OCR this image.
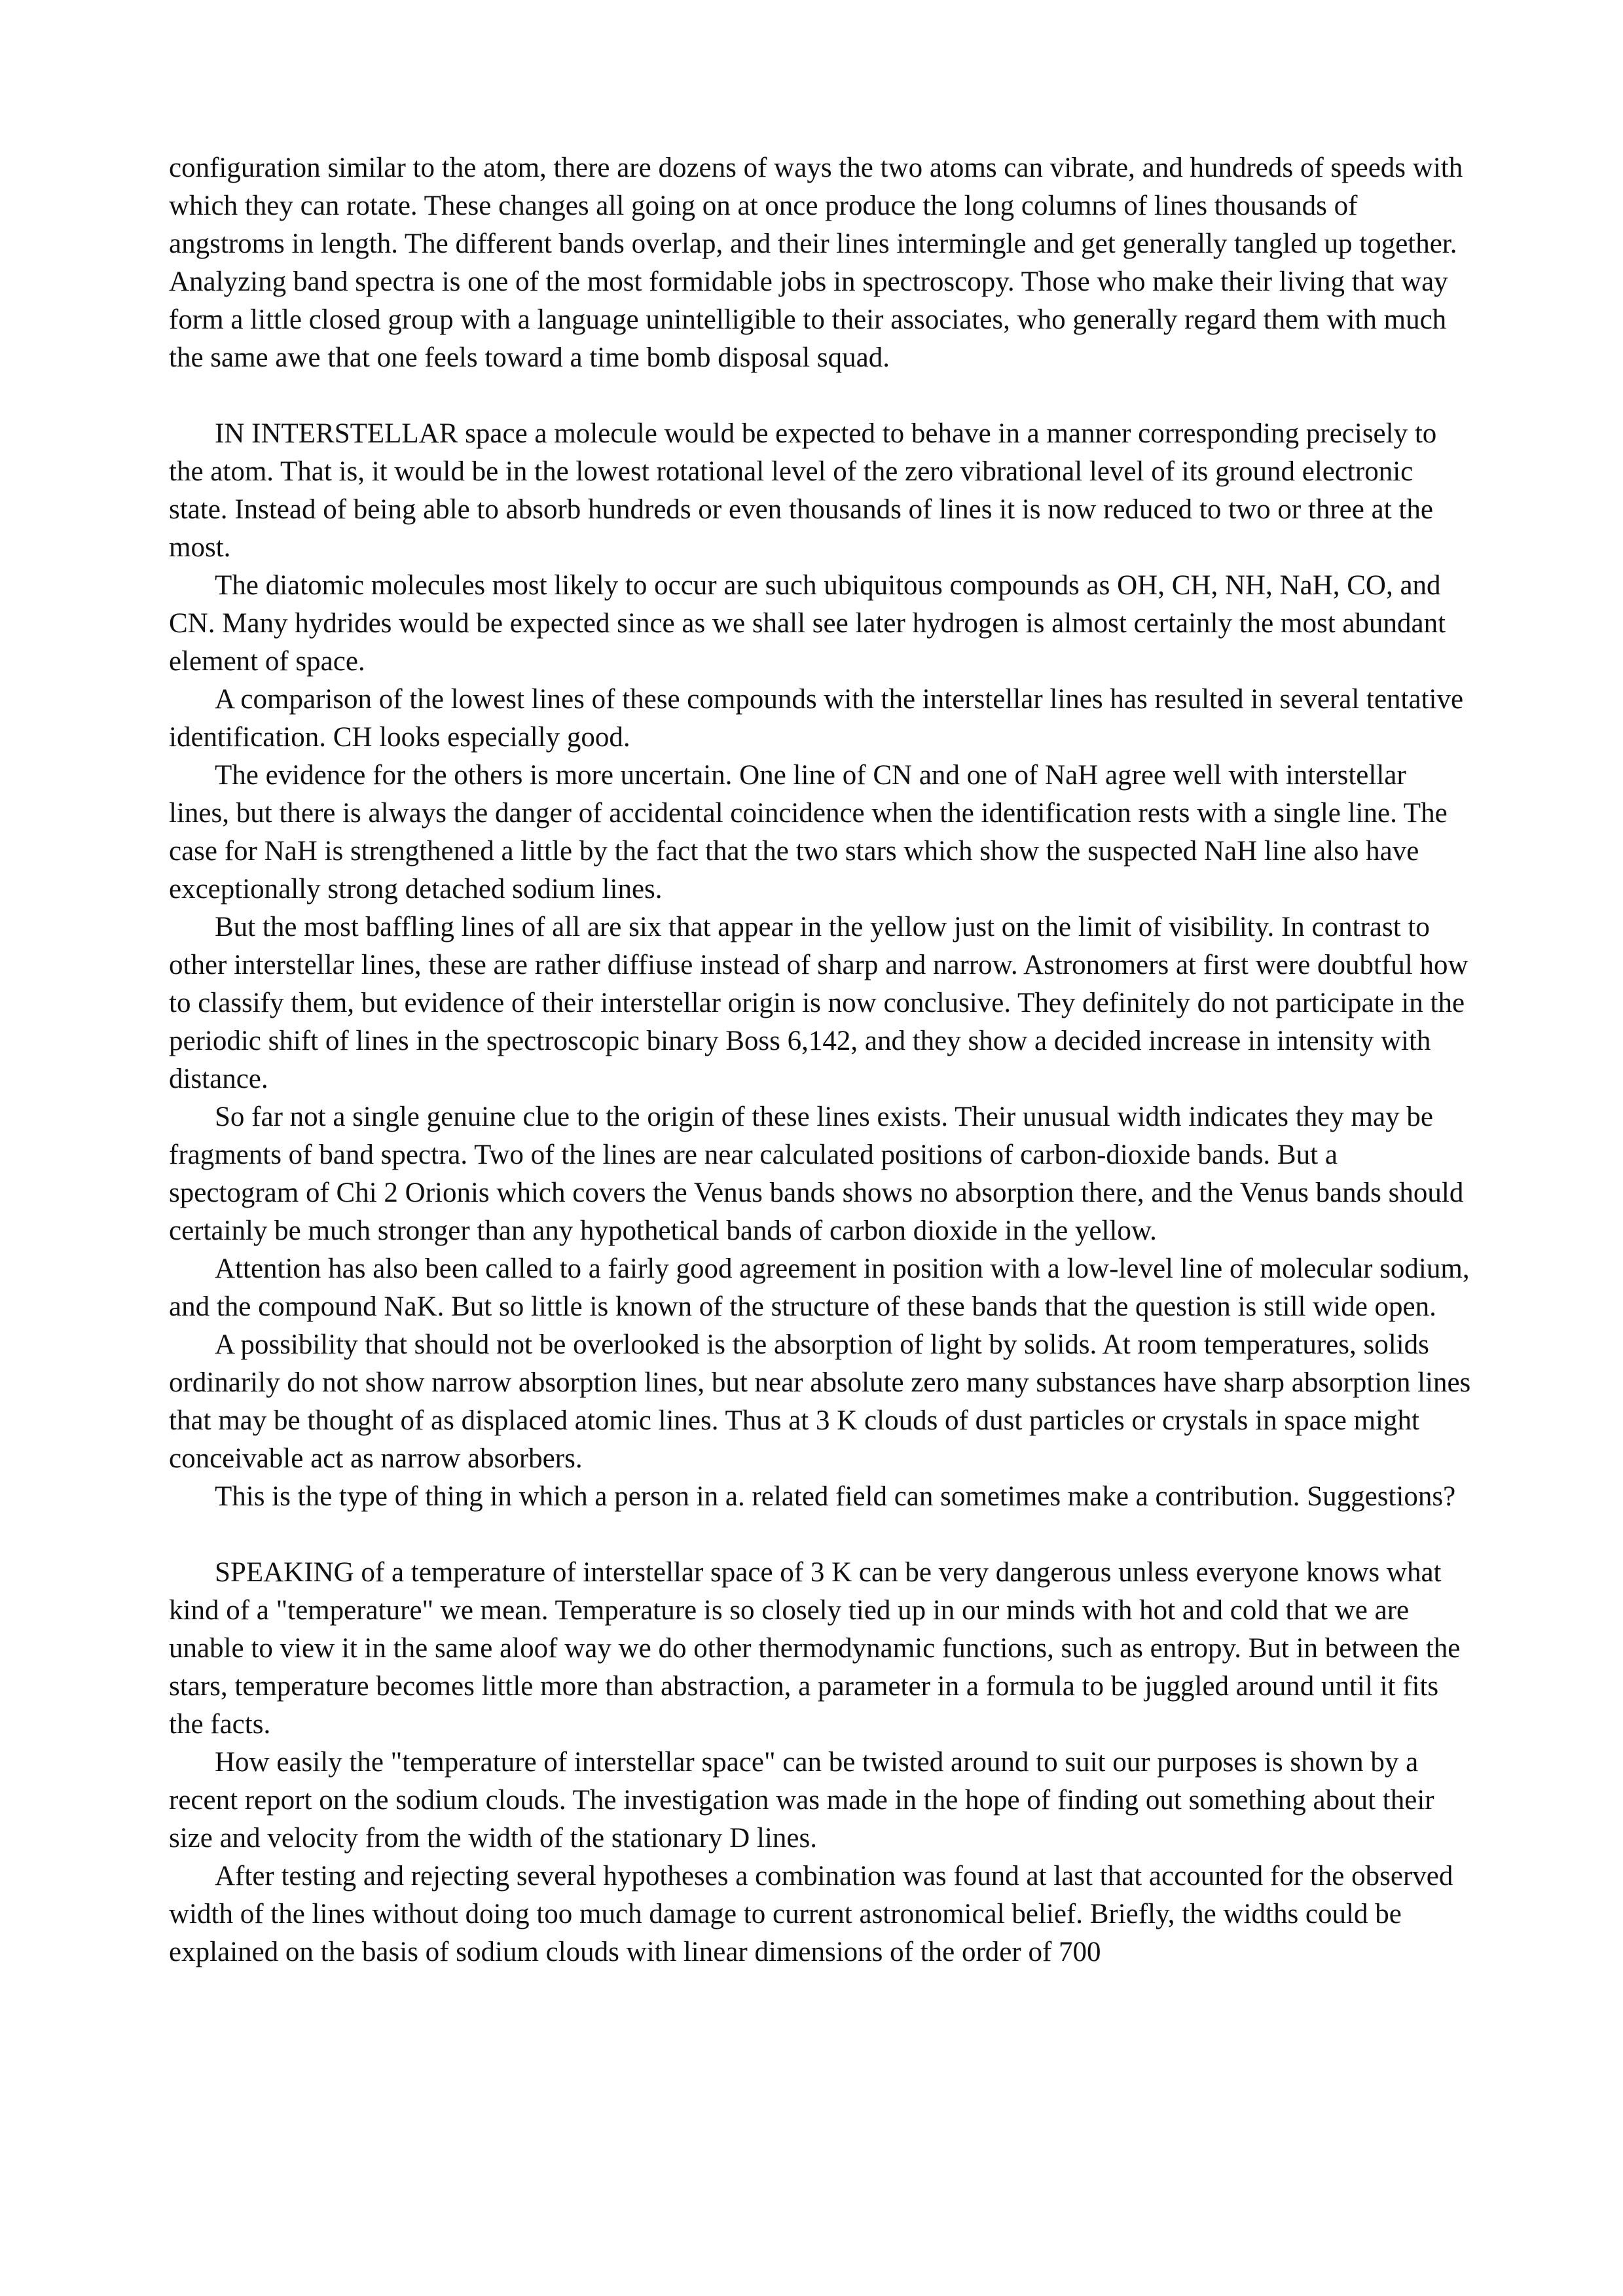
configuration similar to the atom, there are dozens of ways the two atoms can vibrate, and hundreds of speeds with which they can rotate. These changes all going on at once produce the long columns of lines thousands of angstroms in length. The different bands overlap, and their lines intermingle and get generally tangled up together. Analyzing band spectra is one of the most formidable jobs in spectroscopy. Those who make their living that way form a little closed group with a language unintelligible to their associates, who generally regard them with much the same awe that one feels toward a time bomb disposal squad.

IN INTERSTELLAR space a molecule would be expected to behave in a manner corresponding precisely to the atom. That is, it would be in the lowest rotational level of the zero vibrational level of its ground electronic state. Instead of being able to absorb hundreds or even thousands of lines it is now reduced to two or three at the most.

The diatomic molecules most likely to occur are such ubiquitous compounds as OH, CH, NH, NaH, CO, and CN. Many hydrides would be expected since as we shall see later hydrogen is almost certainly the most abundant element of space.

A comparison of the lowest lines of these compounds with the interstellar lines has resulted in several tentative identification. CH looks especially good.

The evidence for the others is more uncertain. One line of CN and one of NaH agree well with interstellar lines, but there is always the danger of accidental coincidence when the identification rests with a single line. The case for NaH is strengthened a little by the fact that the two stars which show the suspected NaH line also have exceptionally strong detached sodium lines.

But the most baffling lines of all are six that appear in the yellow just on the limit of visibility. In contrast to other interstellar lines, these are rather diffiuse instead of sharp and narrow. Astronomers at first were doubtful how to classify them, but evidence of their interstellar origin is now conclusive. They definitely do not participate in the periodic shift of lines in the spectroscopic binary Boss 6,142, and they show a decided increase in intensity with distance.

So far not a single genuine clue to the origin of these lines exists. Their unusual width indicates they may be fragments of band spectra. Two of the lines are near calculated positions of carbon-dioxide bands. But a spectogram of Chi 2 Orionis which covers the Venus bands shows no absorption there, and the Venus bands should certainly be much stronger than any hypothetical bands of carbon dioxide in the yellow.

Attention has also been called to a fairly good agreement in position with a low-level line of molecular sodium, and the compound NaK. But so little is known of the structure of these bands that the question is still wide open.

A possibility that should not be overlooked is the absorption of light by solids. At room temperatures, solids ordinarily do not show narrow absorption lines, but near absolute zero many substances have sharp absorption lines that may be thought of as displaced atomic lines. Thus at 3 K clouds of dust particles or crystals in space might conceivable act as narrow absorbers.

This is the type of thing in which a person in a. related field can sometimes make a contribution. Suggestions?

SPEAKING of a temperature of interstellar space of 3 K can be very dangerous unless everyone knows what kind of a "temperature" we mean. Temperature is so closely tied up in our minds with hot and cold that we are unable to view it in the same aloof way we do other thermodynamic functions, such as entropy. But in between the stars, temperature becomes little more than abstraction, a parameter in a formula to be juggled around until it fits the facts.

How easily the "temperature of interstellar space" can be twisted around to suit our purposes is shown by a recent report on the sodium clouds. The investigation was made in the hope of finding out something about their size and velocity from the width of the stationary D lines.

After testing and rejecting several hypotheses a combination was found at last that accounted for the observed width of the lines without doing too much damage to current astronomical belief. Briefly, the widths could be explained on the basis of sodium clouds with linear dimensions of the order of 700
